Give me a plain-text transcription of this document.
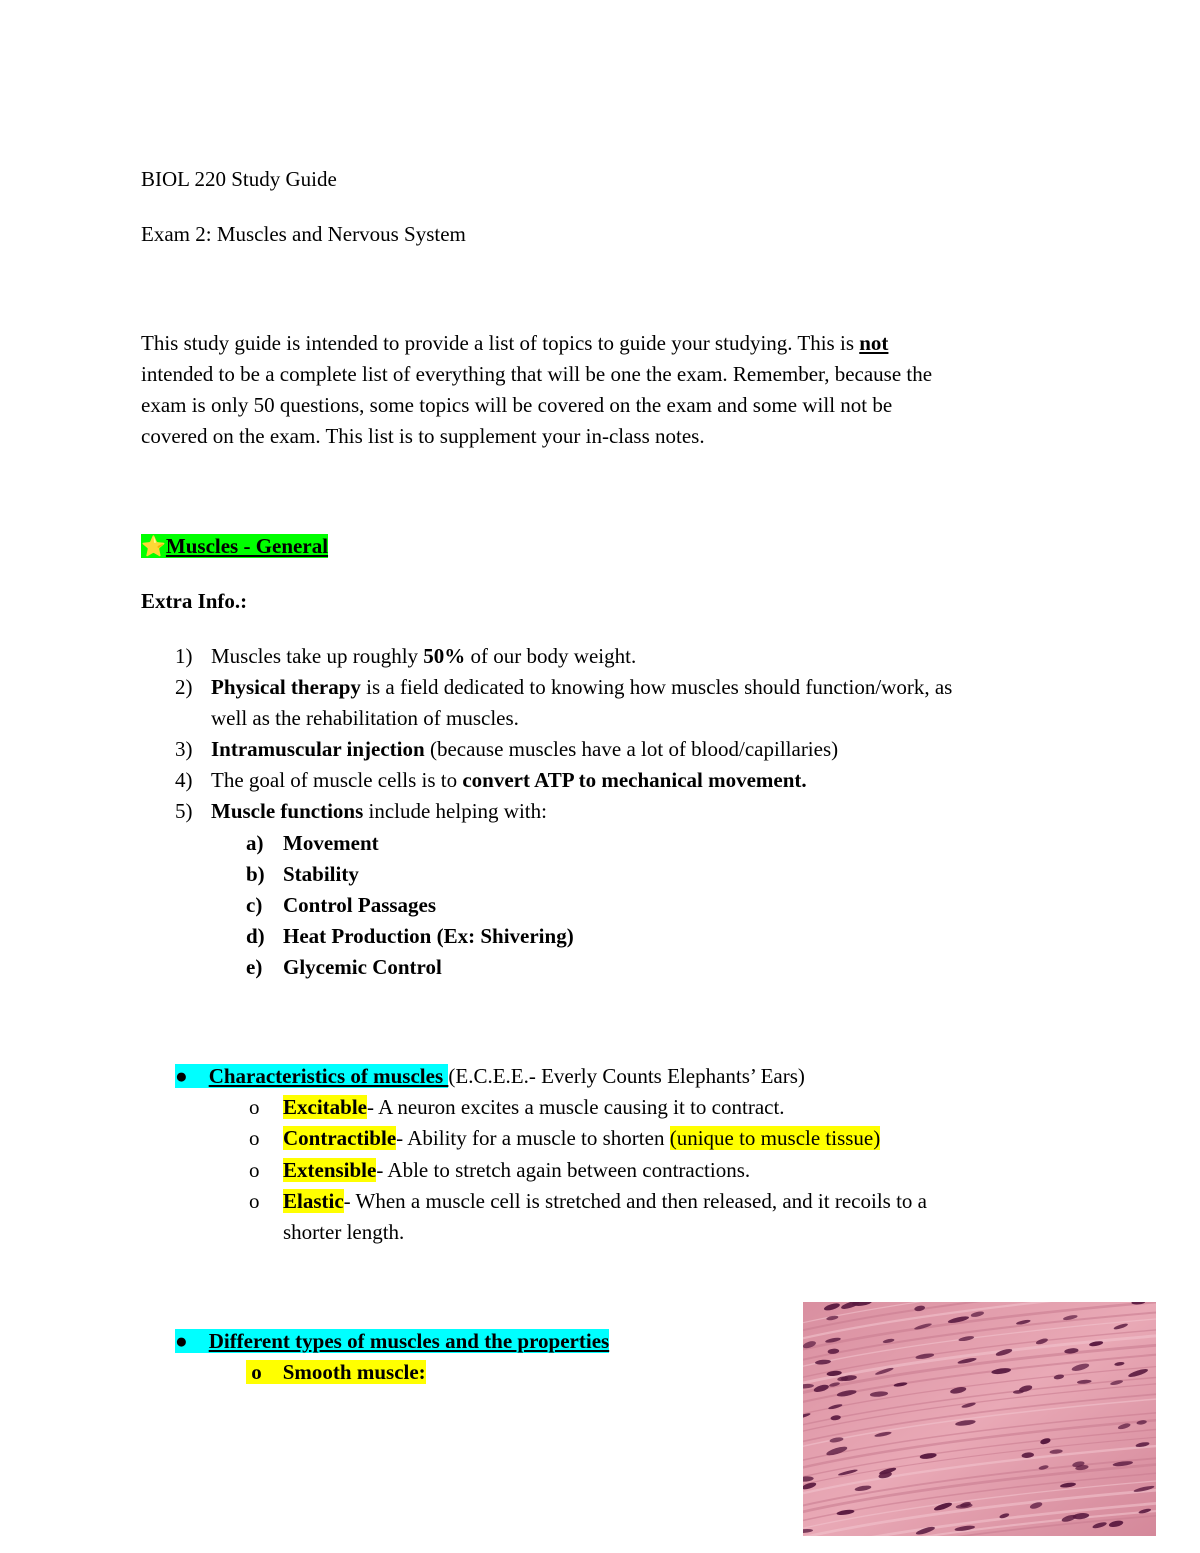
BIOL 220 Study Guide

Exam 2: Muscles and Nervous System

This study guide is intended to provide a list of topics to guide your studying. This is not

intended to be a complete list of everything that will be one the exam. Remember, because the

exam is only 50 questions, some topics will be covered on the exam and some will not be

covered on the exam. This list is to supplement your in-class notes.

⭐Muscles - General

Extra Info.:

1) Muscles take up roughly 50% of our body weight.

2) Physical therapy is a field dedicated to knowing how muscles should function/work, as

well as the rehabilitation of muscles.

3) Intramuscular injection (because muscles have a lot of blood/capillaries)

4) The goal of muscle cells is to convert ATP to mechanical movement.

5) Muscle functions include helping with:

a) Movement

b) Stability

c) Control Passages

d) Heat Production (Ex: Shivering)

e) Glycemic Control

● Characteristics of muscles (E.C.E.E.- Everly Counts Elephants’ Ears)

o Excitable- A neuron excites a muscle causing it to contract.

o Contractible- Ability for a muscle to shorten (unique to muscle tissue)

o Extensible- Able to stretch again between contractions.

o Elastic- When a muscle cell is stretched and then released, and it recoils to a

shorter length.

● Different types of muscles and the properties

o Smooth muscle:
